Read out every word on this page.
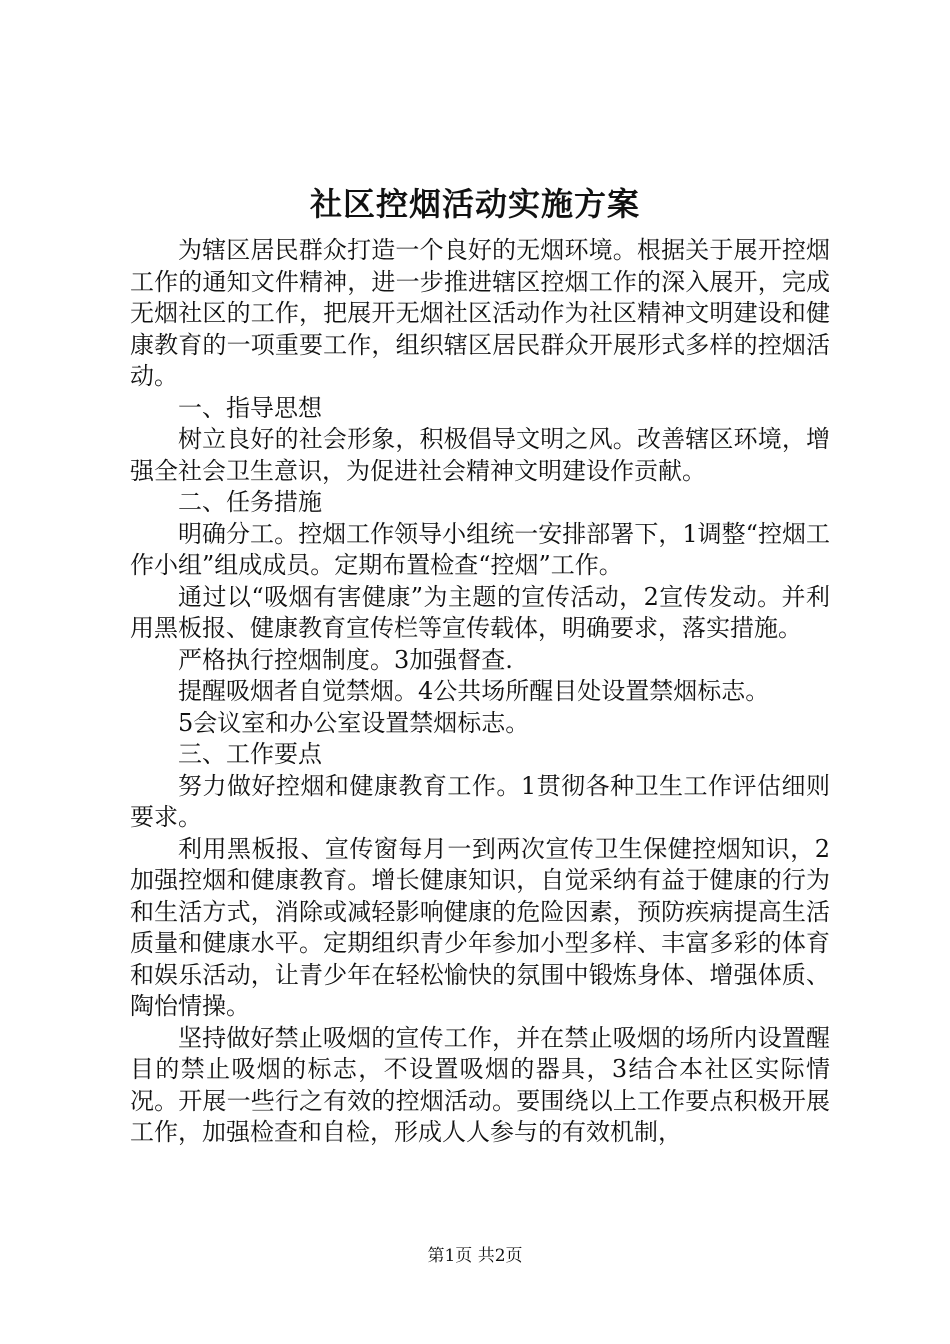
社区控烟活动实施方案

为辖区居民群众打造一个良好的无烟环境。根据关于展开控烟工作的通知文件精神，进一步推进辖区控烟工作的深入展开，完成无烟社区的工作，把展开无烟社区活动作为社区精神文明建设和健康教育的一项重要工作，组织辖区居民群众开展形式多样的控烟活动。

一、指导思想

树立良好的社会形象，积极倡导文明之风。改善辖区环境，增强全社会卫生意识，为促进社会精神文明建设作贡献。

二、任务措施

明确分工。控烟工作领导小组统一安排部署下，1调整“控烟工作小组”组成成员。定期布置检查“控烟”工作。

通过以“吸烟有害健康”为主题的宣传活动，2宣传发动。并利用黑板报、健康教育宣传栏等宣传载体，明确要求，落实措施。

严格执行控烟制度。3加强督查.

提醒吸烟者自觉禁烟。4公共场所醒目处设置禁烟标志。

5会议室和办公室设置禁烟标志。

三、工作要点

努力做好控烟和健康教育工作。1贯彻各种卫生工作评估细则要求。

利用黑板报、宣传窗每月一到两次宣传卫生保健控烟知识，2加强控烟和健康教育。增长健康知识，自觉采纳有益于健康的行为和生活方式，消除或减轻影响健康的危险因素，预防疾病提高生活质量和健康水平。定期组织青少年参加小型多样、丰富多彩的体育和娱乐活动，让青少年在轻松愉快的氛围中锻炼身体、增强体质、陶怡情操。

坚持做好禁止吸烟的宣传工作，并在禁止吸烟的场所内设置醒目的禁止吸烟的标志，不设置吸烟的器具，3结合本社区实际情况。开展一些行之有效的控烟活动。要围绕以上工作要点积极开展工作，加强检查和自检，形成人人参与的有效机制，

第1页 共2页
